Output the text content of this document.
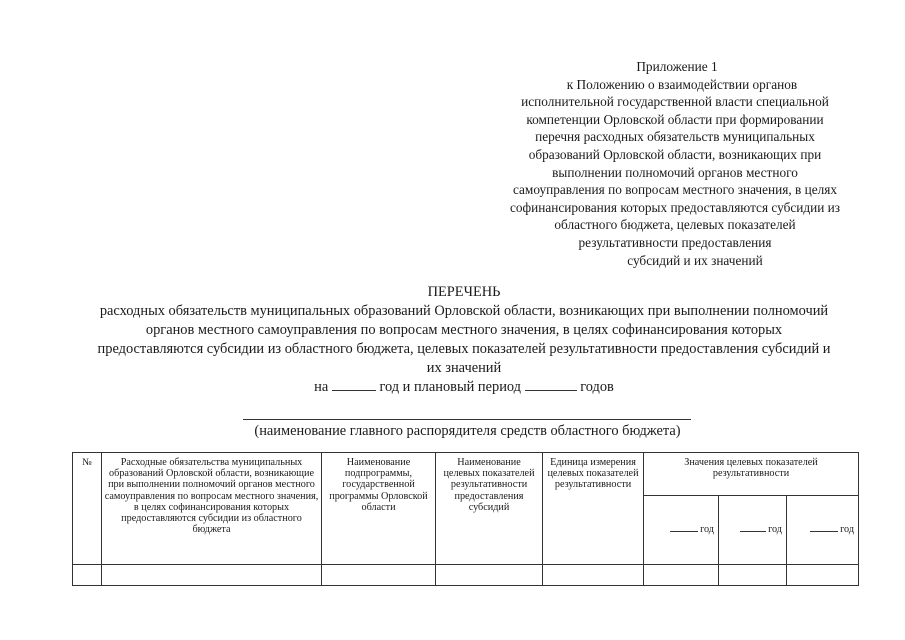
Приложение 1
к Положению о взаимодействии органов
исполнительной государственной власти специальной
компетенции Орловской области при формировании
перечня расходных обязательств муниципальных
образований Орловской области, возникающих при
выполнении полномочий органов местного
самоуправления по вопросам местного значения, в целях
софинансирования которых предоставляются субсидии из
областного бюджета, целевых показателей
результативности предоставления
субсидий и их значений
ПЕРЕЧЕНЬ
расходных обязательств муниципальных образований Орловской области, возникающих при выполнении полномочий
органов местного самоуправления по вопросам местного значения, в целях софинансирования которых
предоставляются субсидии из областного бюджета, целевых показателей результативности предоставления субсидий и
их значений
на	год и плановый период	годов
(наименование главного распорядителя средств областного бюджета)
№	Расходные обязательства муниципальных образований Орловской области, возникающие при выполнении полномочий органов местного самоуправления по вопросам местного значения, в целях софинансирования которых предоставляются субсидии из областного бюджета	Наименование подпрограммы, государственной программы Орловской области	Наименование целевых показателей результативности предоставления субсидий	Единица измерения целевых показателей результативности	Значения целевых показателей результативности		
					год	год	год
